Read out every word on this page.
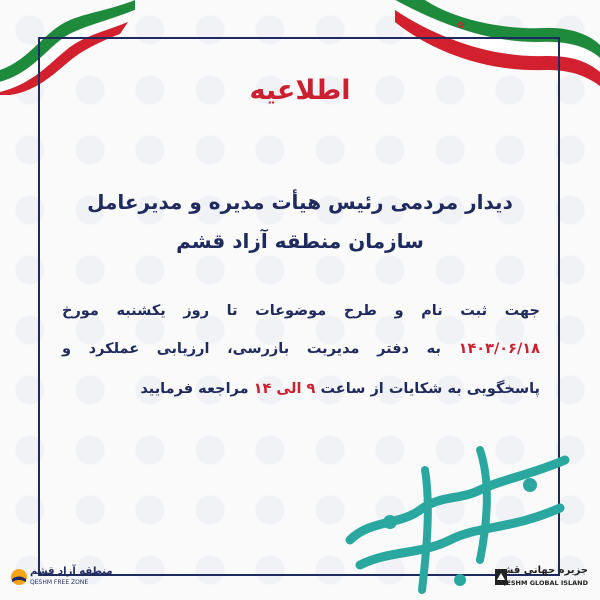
✿
اطلاعیه
دیدار مردمی رئیس هیأت مدیره و مدیرعامل
سازمان منطقه آزاد قشم
جهت ثبت نام و طرح موضوعات تا روز یکشنبه مورخ
۱۴۰۳/۰۶/۱۸ به دفتر مدیریت بازرسی، ارزیابی عملکرد و
پاسخگویی به شکایات از ساعت ۹ الی ۱۴ مراجعه فرمایید
منطقه آزاد قشم
QESHM FREE ZONE
جزیره جهانی قشم
QESHM GLOBAL ISLAND
